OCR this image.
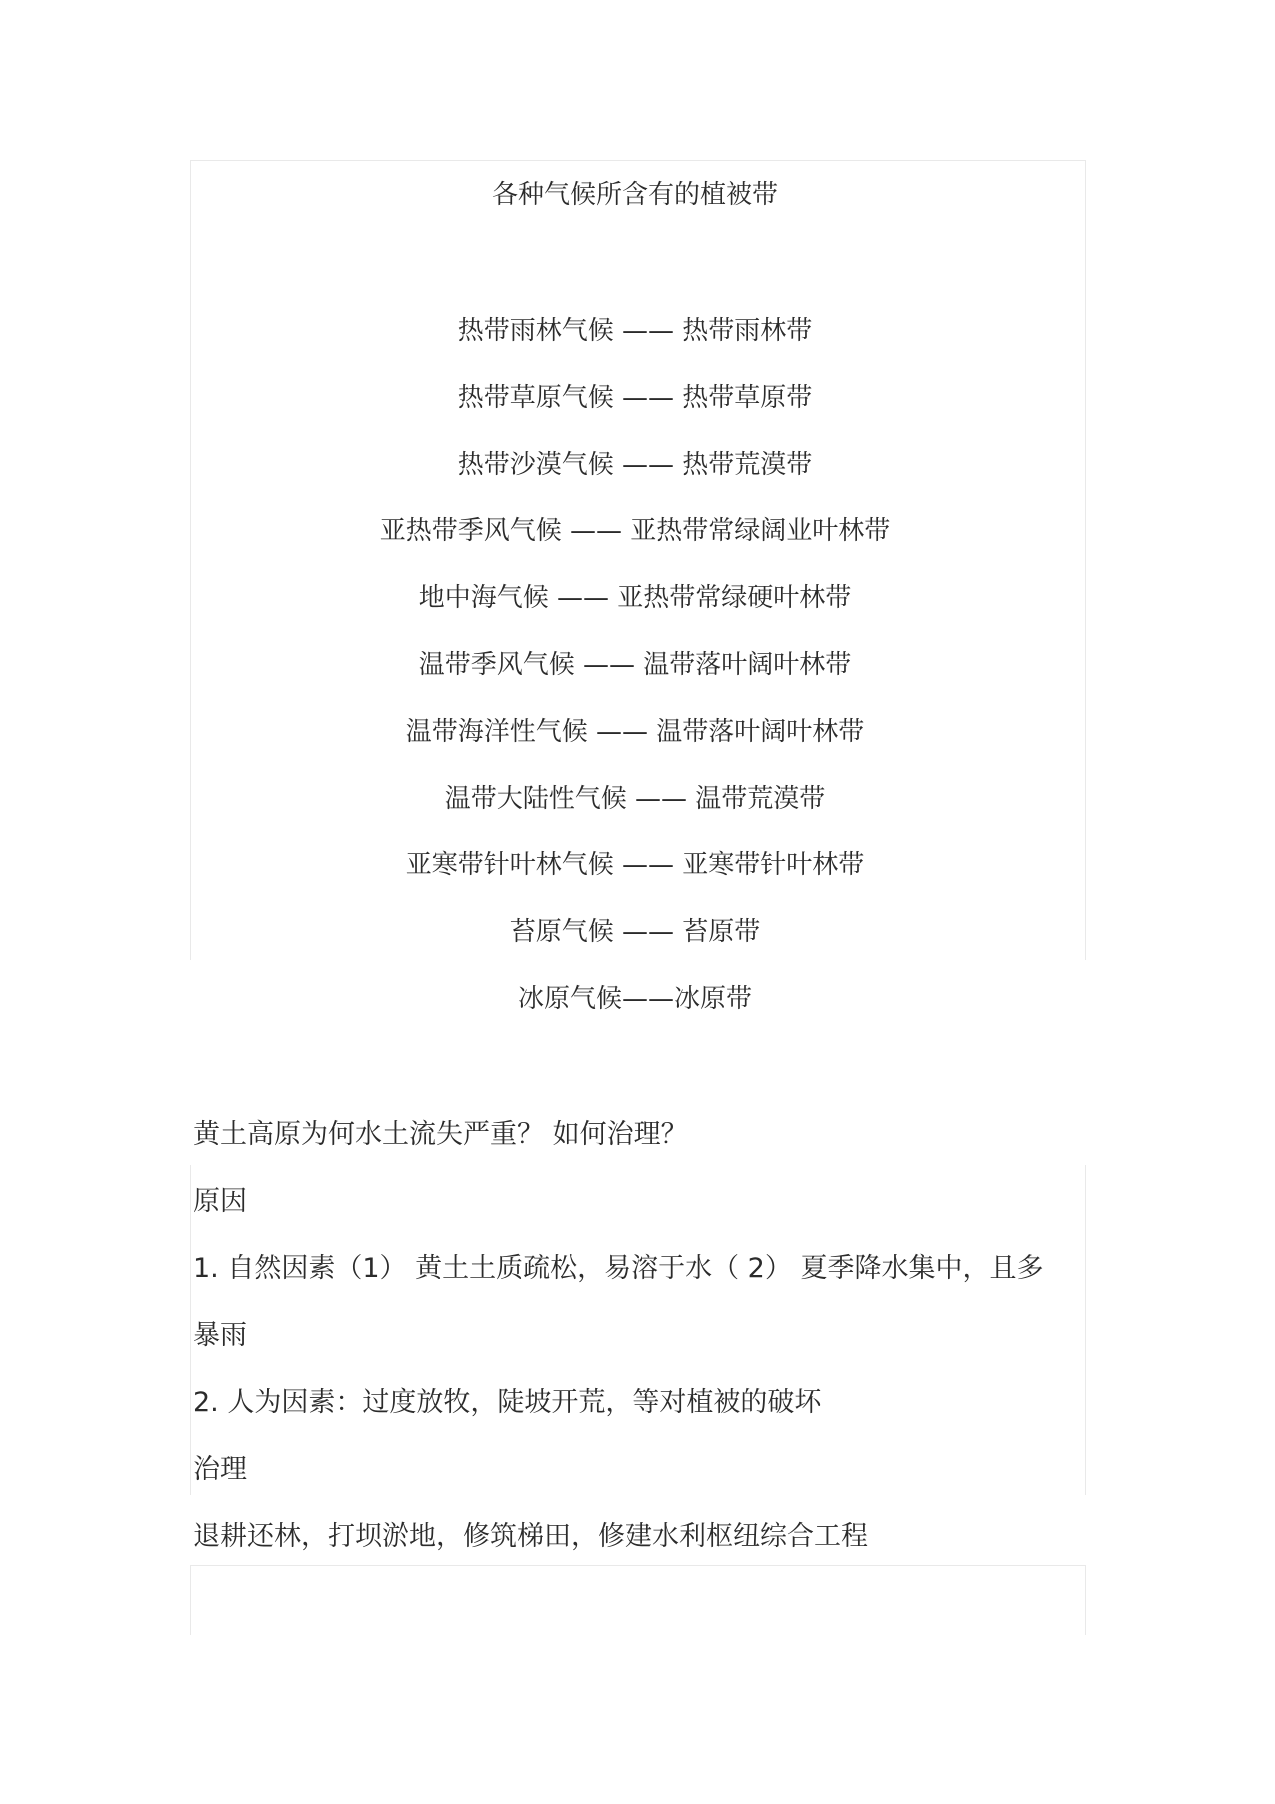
各种气候所含有的植被带
热带雨林气候 —— 热带雨林带
热带草原气候 —— 热带草原带
热带沙漠气候 —— 热带荒漠带
亚热带季风气候 —— 亚热带常绿阔业叶林带
地中海气候 —— 亚热带常绿硬叶林带
温带季风气候 —— 温带落叶阔叶林带
温带海洋性气候 —— 温带落叶阔叶林带
温带大陆性气候 —— 温带荒漠带
亚寒带针叶林气候 —— 亚寒带针叶林带
苔原气候 —— 苔原带
冰原气候——冰原带
黄土高原为何水土流失严重？ 如何治理？
原因
1. 自然因素（1） 黄土土质疏松，易溶于水（ 2） 夏季降水集中，且多
暴雨
2. 人为因素：过度放牧，陡坡开荒，等对植被的破坏
治理
退耕还林，打坝淤地，修筑梯田，修建水利枢纽综合工程
